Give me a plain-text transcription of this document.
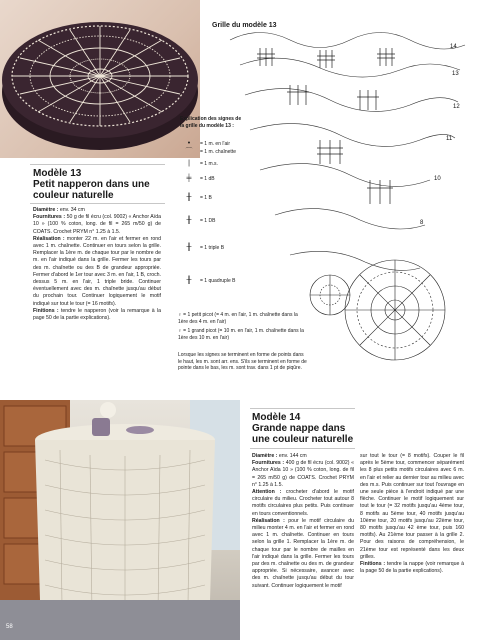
Grille du modèle 13
14
13
12
11
10
8
Explication des signes de la grille du modèle 13 :
•	= 1 m. en l'air
⌒	= 1 m. chaînette
|	= 1 m.s.
╪	= 1 dB
╫	= 1 B
╫	= 1 DB
╫	= 1 triple B
╫	= 1 quadruple B
♀ = 1 petit picot (= 4 m. en l'air, 1 m. chaînette dans la 1ère des 4 m. en l'air)
♀ = 1 grand picot (= 10 m. en l'air, 1 m. chaînette dans la 1ère des 10 m. en l'air)
Lorsque les signes se terminent en forme de points dans le haut, les m. sont arr. ens. S'ils se terminent en forme de pointe dans le bas, les m. sont trav. dans 1 pt de piqûre.
Modèle 13
Petit napperon dans une couleur naturelle
Diamètre : env. 34 cm
Fournitures : 50 g de fil écru (col. 9002) « Anchor Aïda 10 » (100 % coton, long. de fil = 265 m/50 g) de COATS. Crochet PRYM n° 1.25 à 1.5.
Réalisation : monter 22 m. en l'air et fermer en rond avec 1 m. chaînette. Continuer en tours selon la grille. Remplacer la 1ère m. de chaque tour par le nombre de m. en l'air indiqué dans la grille. Fermer les tours par des m. chaînette ou des B de grandeur appropriée. Fermer d'abord le 1er tour avec 3 m. en l'air, 1 B, croch. dessus 5 m. en l'air, 1 triple bride. Continuer éventuellement avec des m. chaînette jusqu'au début du prochain tour. Continuer logiquement le motif indiqué sur tout le tour (= 16 motifs).
Finitions : tendre le napperon (voir la remarque à la page 50 de la partie explications).
58
Modèle 14
Grande nappe dans une couleur naturelle
Diamètre : env. 144 cm
Fournitures : 400 g de fil écru (col. 9002) « Anchor Aïda 10 » (100 % coton, long. de fil = 265 m/50 g) de COATS. Crochet PRYM n° 1.25 à 1.5.
Attention : crocheter d'abord le motif circulaire du milieu. Crocheter tout autour 8 motifs circulaires plus petits. Puis continuer en tours conventionnels.
Réalisation : pour le motif circulaire du milieu monter 4 m. en l'air et fermer en rond avec 1 m. chaînette. Continuer en tours selon la grille 1. Remplacer la 1ère m. de chaque tour par le nombre de mailles en l'air indiqué dans la grille. Fermer les tours par des m. chaînette ou des m. de grandeur appropriée. Si nécessaire, avancer avec des m. chaînette jusqu'au début du tour suivant. Continuer logiquement le motif
sur tout le tour (= 8 motifs). Couper le fil après le 5ème tour, commencer séparément les 8 plus petits motifs circulaires avec 6 m. en l'air et relier au dernier tour au milieu avec des m.s. Puis continuer sur tout l'ouvrage en une seule pièce à l'endroit indiqué par une flèche. Continuer le motif logiquement sur tout le tour (= 32 motifs jusqu'au 4ème tour, 8 motifs au 5ème tour, 40 motifs jusqu'au 10ème tour, 20 motifs jusqu'au 22ème tour, 80 motifs jusqu'au 42 ème tour, puis 160 motifs). Au 21ème tour passer à la grille 2. Pour des raisons de compréhension, le 21ème tour est représenté dans les deux grilles.
Finitions : tendre la nappe (voir remarque à la page 50 de la partie explications).
